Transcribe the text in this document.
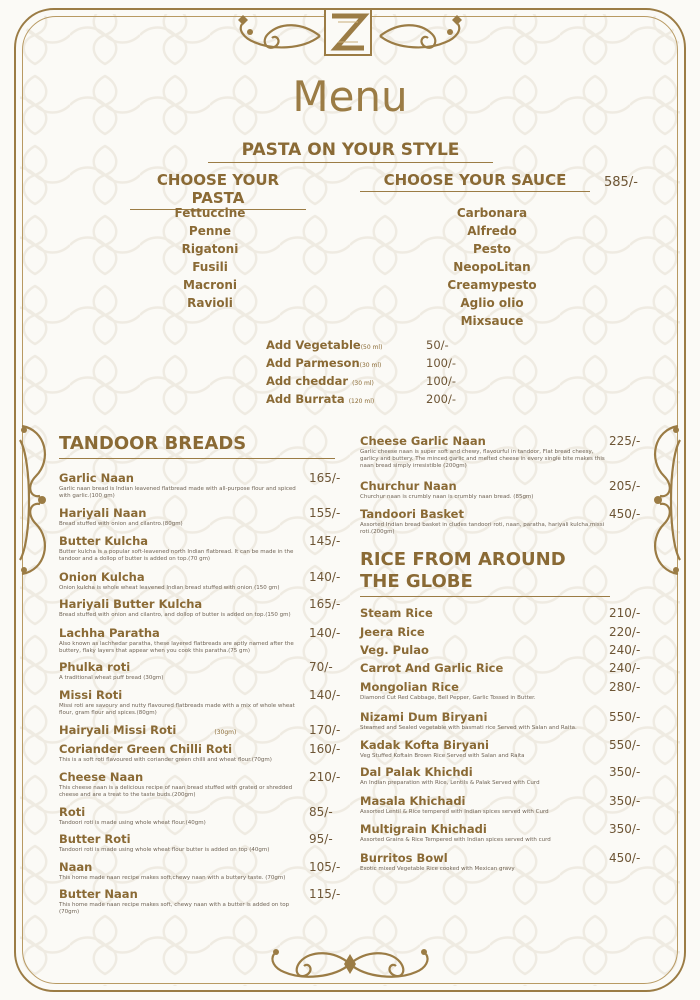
Menu
PASTA ON YOUR STYLE
CHOOSE YOUR PASTA
CHOOSE YOUR SAUCE	585/-
Fettuccine
Penne
Rigatoni
Fusili
Macroni
Ravioli
Carbonara
Alfredo
Pesto
NeopoLitan
Creamypesto
Aglio olio
Mixsauce
Add Vegetable(50 ml)	50/-
Add Parmeson(30 ml)	100/-
Add cheddar (30 ml)	100/-
Add Burrata (120 ml)	200/-
TANDOOR BREADS
Garlic Naan
Garlic naan bread is Indian leavened flatbread made with all-purpose flour and spiced with garlic.(100 gm)
165/-
Hariyali Naan
Bread stuffed with onion and cilantro.(80gm)
155/-
Butter Kulcha
Butter kulcha is a popular soft-leavened north Indian flatbread. It can be made in the tandoor and a dollop of butter is added on top.(70 gm)
145/-
Onion Kulcha
Onion kulcha is whole wheat leavened Indian bread stuffed with onion (150 gm)
140/-
Hariyali Butter Kulcha
Bread stuffed with onion and cilantro, and dollop of butter is added on top.(150 gm)
165/-
Lachha Paratha
Also known as lachhedar paratha, these layered flatbreads are aptly named after the buttery, flaky layers that appear when you cook this paratha.(75 gm)
140/-
Phulka roti
A traditional wheat puff bread (30gm)
70/-
Missi Roti
Missi roti are savoury and nutty flavoured flatbreads made with a mix of whole wheat flour, gram flour and spices.(80gm)
140/-
Hairyali Missi Roti	(30gm)	170/-
Coriander Green Chilli Roti
This is a soft roti flavoured with coriander green chilli and wheat flour.(70gm)
160/-
Cheese Naan
This cheese naan is a delicious recipe of naan bread stuffed with grated or shredded cheese and are a treat to the taste buds.(200gm)
210/-
Roti
Tandoori roti is made using whole wheat flour.(40gm)
85/-
Butter Roti
Tandoori roti is made using whole wheat flour butter is added on top (40gm)
95/-
Naan
This home made naan recipe makes soft,chewy naan with a buttery taste. (70gm)
105/-
Butter Naan
This home made naan recipe makes soft, chewy naan with a butter is added on top (70gm)
115/-
Cheese Garlic Naan
Garlic cheese naan is super soft and chewy, flavourful in tandoor, Flat bread cheesy, garlicy and buttery. The minced garlic and melted cheese in every single bite makes this naan bread simply irresistible (200gm)
225/-
Churchur Naan
Churchur naan is crumbly naan is crumbly naan bread. (85gm)
205/-
Tandoori Basket
Assorted Indian bread basket in cludes tandoori roti, naan, paratha, hariyali kulcha,missi roti.(200gm)
450/-
RICE FROM AROUND
THE GLOBE
Steam Rice	210/-
Jeera Rice	220/-
Veg. Pulao	240/-
Carrot And Garlic Rice	240/-
Mongolian Rice
Diamond Cut Red Cabbage, Bell Pepper, Garlic Tossed in Butter.
280/-
Nizami Dum Biryani
Steamed and Sealed vegetable with basmati rice Served with Salan and Raita.
550/-
Kadak Kofta Biryani
Veg Stuffed Koftain Brown Rice Served with Salan and Raita
550/-
Dal Palak Khichdi
An Indian preparation with Rice, Lentils & Palak Served with Curd
350/-
Masala Khichadi
Assorted Lentil & Rice tempered with Indian spices served with Curd
350/-
Multigrain Khichadi
Assorted Grains & Rice Tempered with Indian spices served with curd
350/-
Burritos Bowl
Exotic mixed Vegetable Rice cooked with Mexican gravy
450/-
